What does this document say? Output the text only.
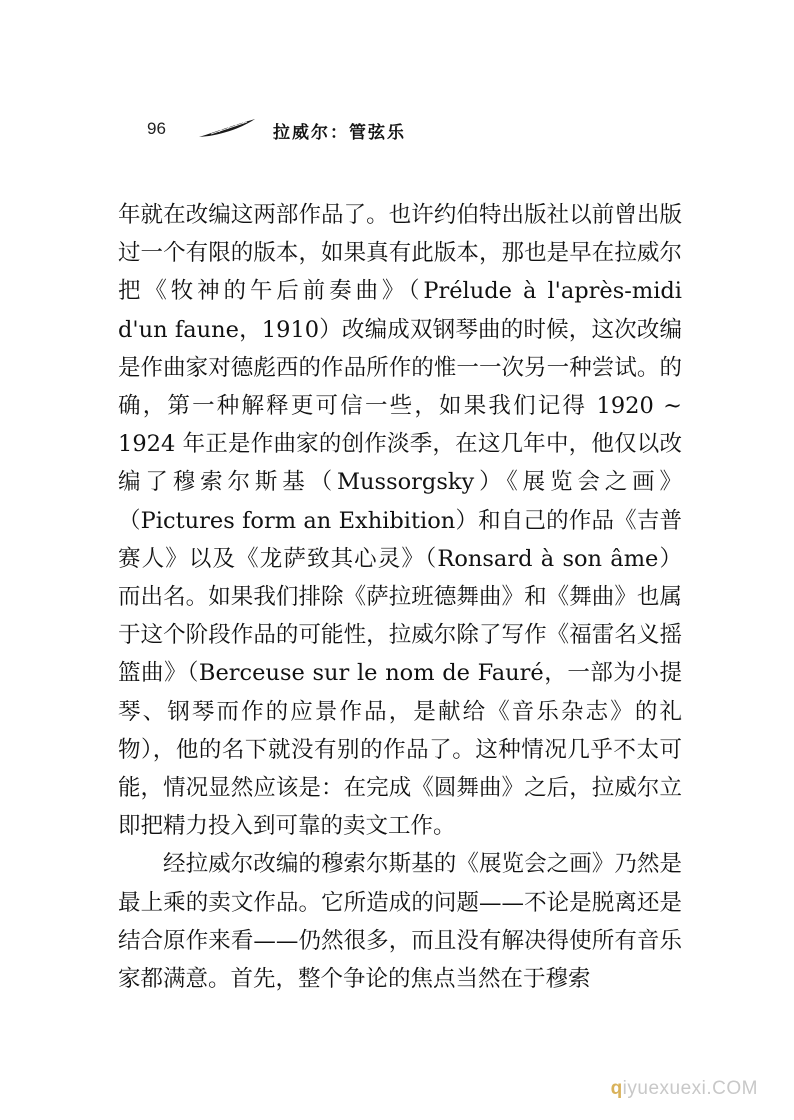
96	拉威尔：管弦乐

年就在改编这两部作品了。也许约伯特出版社以前曾出版过一个有限的版本，如果真有此版本，那也是早在拉威尔把《牧神的午后前奏曲》（Prélude à l'après-midi d'un faune，1910）改编成双钢琴曲的时候，这次改编是作曲家对德彪西的作品所作的惟一一次另一种尝试。的确，第一种解释更可信一些，如果我们记得 1920 ~ 1924 年正是作曲家的创作淡季，在这几年中，他仅以改编了穆索尔斯基（Mussorgsky）《展览会之画》（Pictures form an Exhibition）和自己的作品《吉普赛人》以及《龙萨致其心灵》（Ronsard à son âme）而出名。如果我们排除《萨拉班德舞曲》和《舞曲》也属于这个阶段作品的可能性，拉威尔除了写作《福雷名义摇篮曲》（Berceuse sur le nom de Fauré，一部为小提琴、钢琴而作的应景作品，是献给《音乐杂志》的礼物），他的名下就没有别的作品了。这种情况几乎不太可能，情况显然应该是：在完成《圆舞曲》之后，拉威尔立即把精力投入到可靠的卖文工作。

经拉威尔改编的穆索尔斯基的《展览会之画》乃然是最上乘的卖文作品。它所造成的问题——不论是脱离还是结合原作来看——仍然很多，而且没有解决得使所有音乐家都满意。首先，整个争论的焦点当然在于穆索

qiyuexuexi.COM
